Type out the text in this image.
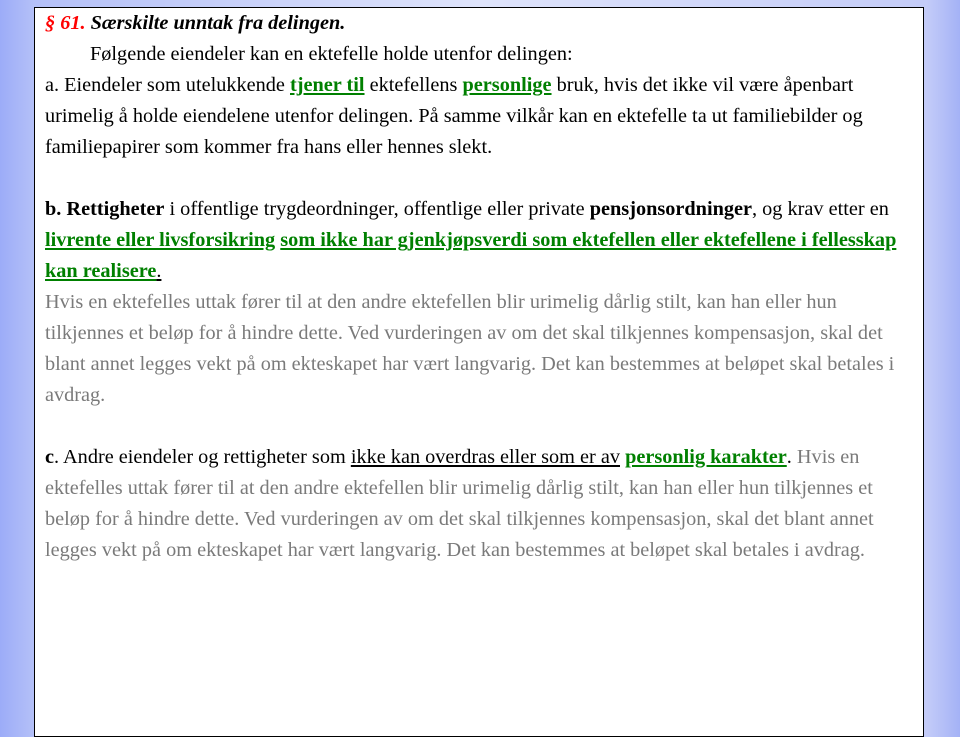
§ 61. Særskilte unntak fra delingen.

Følgende eiendeler kan en ektefelle holde utenfor delingen:

a. Eiendeler som utelukkende tjener til ektefellens personlige bruk, hvis det ikke vil være åpenbart urimelig å holde eiendelene utenfor delingen. På samme vilkår kan en ektefelle ta ut familiebilder og familiepapirer som kommer fra hans eller hennes slekt.

b. Rettigheter i offentlige trygdeordninger, offentlige eller private pensjonsordninger, og krav etter en livrente eller livsforsikring som ikke har gjenkjøpsverdi som ektefellen eller ektefellene i fellesskap kan realisere.

Hvis en ektefelles uttak fører til at den andre ektefellen blir urimelig dårlig stilt, kan han eller hun tilkjennes et beløp for å hindre dette. Ved vurderingen av om det skal tilkjennes kompensasjon, skal det blant annet legges vekt på om ekteskapet har vært langvarig. Det kan bestemmes at beløpet skal betales i avdrag.

c. Andre eiendeler og rettigheter som ikke kan overdras eller som er av personlig karakter. Hvis en ektefelles uttak fører til at den andre ektefellen blir urimelig dårlig stilt, kan han eller hun tilkjennes et beløp for å hindre dette. Ved vurderingen av om det skal tilkjennes kompensasjon, skal det blant annet legges vekt på om ekteskapet har vært langvarig. Det kan bestemmes at beløpet skal betales i avdrag.
